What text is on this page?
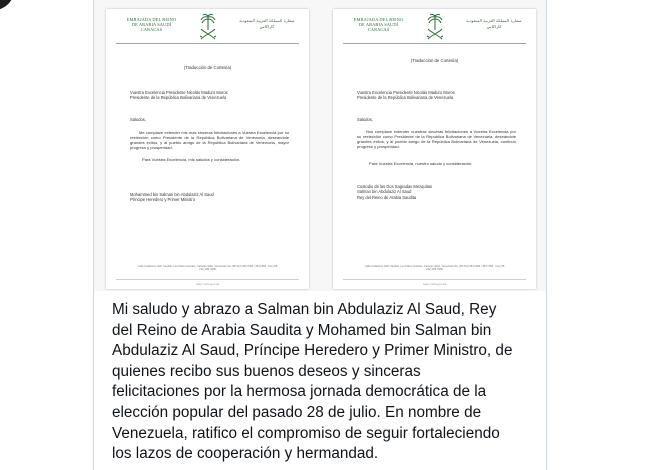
EMBAJADA DEL REINO DE ARABIA SAUDÍ CARACAS
سفارة المملكة العربية السعودية كاراكاس
(Traducción de Cortesía)
Vuestra Excelencia Presidente Nicolás Maduro Moros
Presidente de la República Bolivariana de Venezuela
Saludos,
Me complace extender mis más sinceras felicitaciones a Vuestra Excelencia por su reelección como Presidente de la República Bolivariana de Venezuela, deseándole grandes éxitos, y al pueblo amigo de la República Bolivariana de Venezuela, mayor progreso y prosperidad.
Para Vuestra Excelencia, mis saludos y consideración.
Mohammed bin Salman bin Abdulaziz Al Saud
Príncipe Heredero y Primer Ministro
Calle Andalucía, Edif. Saudita, Los Palos Grandes, Caracas 1062, Venezuela Tel. (58 212) 284 0066 / 284 0055 · Fax (58 212) 284 0399
www.mofa.gov.sa
EMBAJADA DEL REINO DE ARABIA SAUDÍ CARACAS
سفارة المملكة العربية السعودية كاراكاس
(Traducción de Cortesía)
Vuestra Excelencia Presidente Nicolás Maduro Moros
Presidente de la República Bolivariana de Venezuela
Saludos,
Nos complace extender nuestras sinceras felicitaciones a Vuestra Excelencia por su reelección como Presidente de la República Bolivariana de Venezuela, deseándole grandes éxitos, y al pueblo amigo de la República Bolivariana de Venezuela, continuo progreso y prosperidad.
Para Vuestra Excelencia, nuestro saludo y consideración.
Custodio de las Dos Sagradas Mezquitas
Salman bin Abdulaziz Al Saud
Rey del Reino de Arabia Saudita
Calle Andalucía, Edif. Saudita, Los Palos Grandes, Caracas 1062, Venezuela Tel. (58 212) 284 0066 / 284 0055 · Fax (58 212) 284 0399
www.mofa.gov.sa
Mi saludo y abrazo a Salman bin Abdulaziz Al Saud, Rey
del Reino de Arabia Saudita y Mohamed bin Salman bin
Abdulaziz Al Saud, Príncipe Heredero y Primer Ministro, de
quienes recibo sus buenos deseos y sinceras
felicitaciones por la hermosa jornada democrática de la
elección popular del pasado 28 de julio. En nombre de
Venezuela, ratifico el compromiso de seguir fortaleciendo
los lazos de cooperación y hermandad.
